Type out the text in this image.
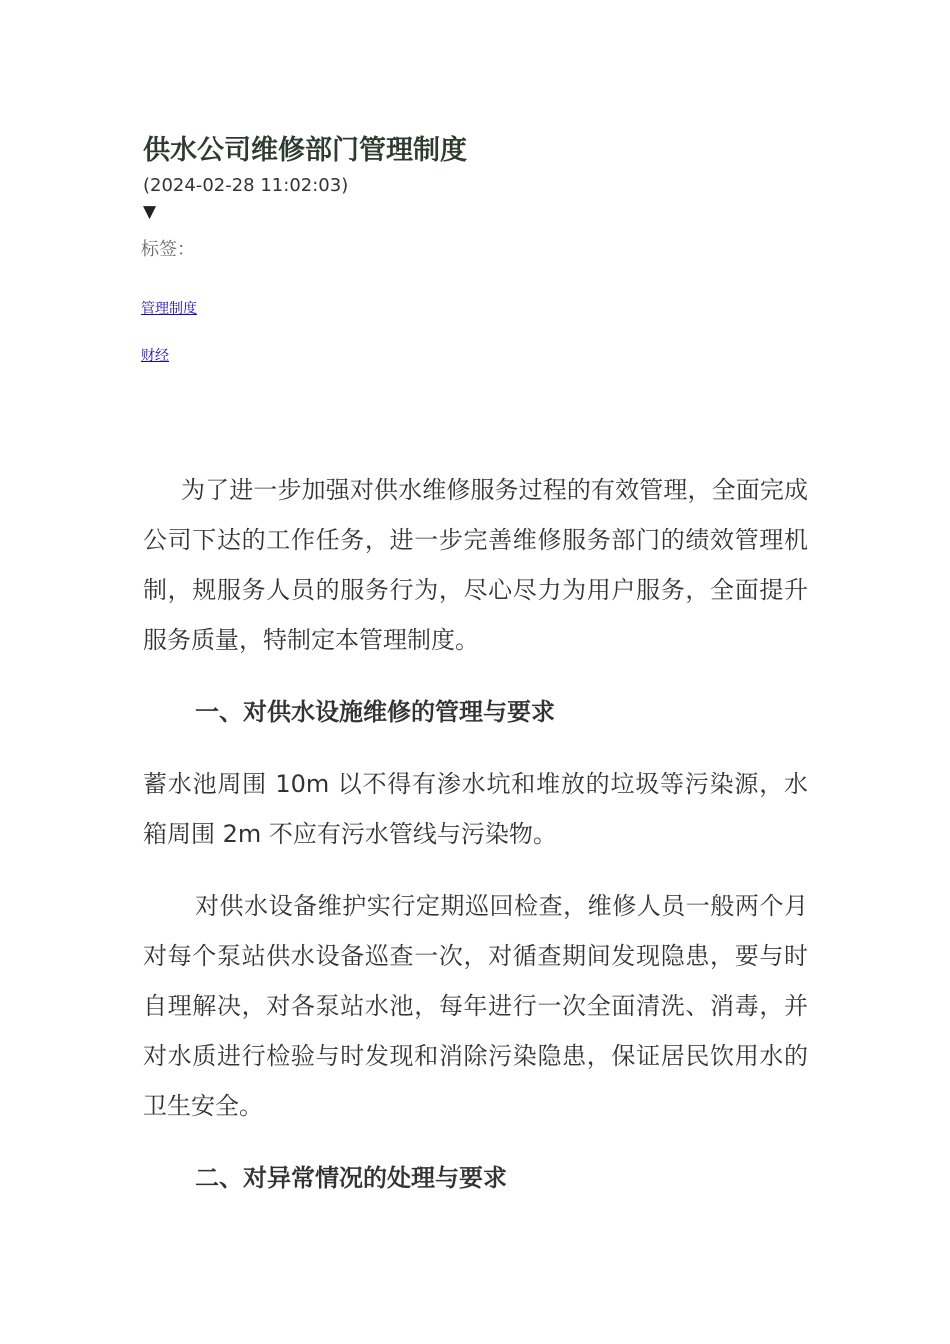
供水公司维修部门管理制度
(2024-02-28 11:02:03)
▼
标签：
管理制度
财经

为了进一步加强对供水维修服务过程的有效管理，全面完成公司下达的工作任务，进一步完善维修服务部门的绩效管理机制，规服务人员的服务行为，尽心尽力为用户服务，全面提升服务质量，特制定本管理制度。

一、对供水设施维修的管理与要求

蓄水池周围 10m 以不得有渗水坑和堆放的垃圾等污染源，水箱周围 2m 不应有污水管线与污染物。

对供水设备维护实行定期巡回检查，维修人员一般两个月对每个泵站供水设备巡查一次，对循查期间发现隐患，要与时自理解决，对各泵站水池，每年进行一次全面清洗、消毒，并对水质进行检验与时发现和消除污染隐患，保证居民饮用水的卫生安全。

二、对异常情况的处理与要求
